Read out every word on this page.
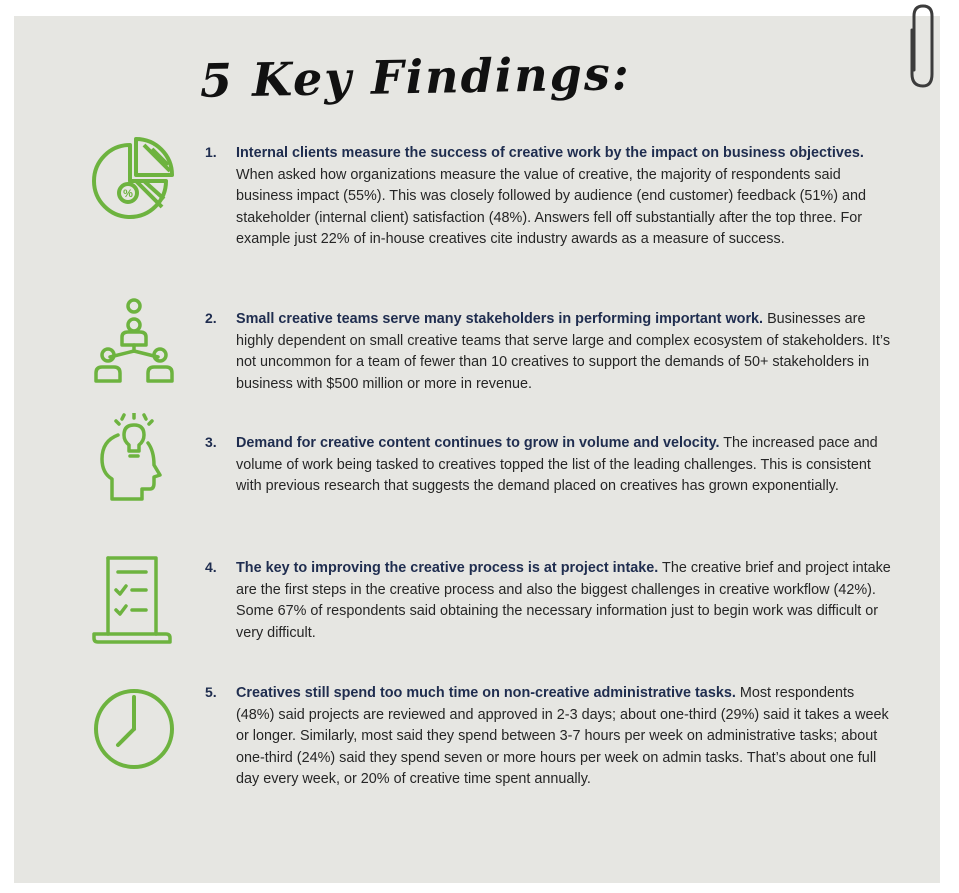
5 Key Findings:
%
1. Internal clients measure the success of creative work by the impact on business objectives. When asked how organizations measure the value of creative, the majority of respondents said business impact (55%). This was closely followed by audience (end customer) feedback (51%) and stakeholder (internal client) satisfaction (48%). Answers fell off substantially after the top three. For example just 22% of in-house creatives cite industry awards as a measure of success.

2. Small creative teams serve many stakeholders in performing important work. Businesses are highly dependent on small creative teams that serve large and complex ecosystem of stakeholders. It’s not uncommon for a team of fewer than 10 creatives to support the demands of 50+ stakeholders in business with $500 million or more in revenue.

3. Demand for creative content continues to grow in volume and velocity. The increased pace and volume of work being tasked to creatives topped the list of the leading challenges. This is consistent with previous research that suggests the demand placed on creatives has grown exponentially.

4. The key to improving the creative process is at project intake. The creative brief and project intake are the first steps in the creative process and also the biggest challenges in creative workflow (42%). Some 67% of respondents said obtaining the necessary information just to begin work was difficult or very difficult.

5. Creatives still spend too much time on non-creative administrative tasks. Most respondents (48%) said projects are reviewed and approved in 2-3 days; about one-third (29%) said it takes a week or longer. Similarly, most said they spend between 3-7 hours per week on administrative tasks; about one-third (24%) said they spend seven or more hours per week on admin tasks. That’s about one full day every week, or 20% of creative time spent annually.
